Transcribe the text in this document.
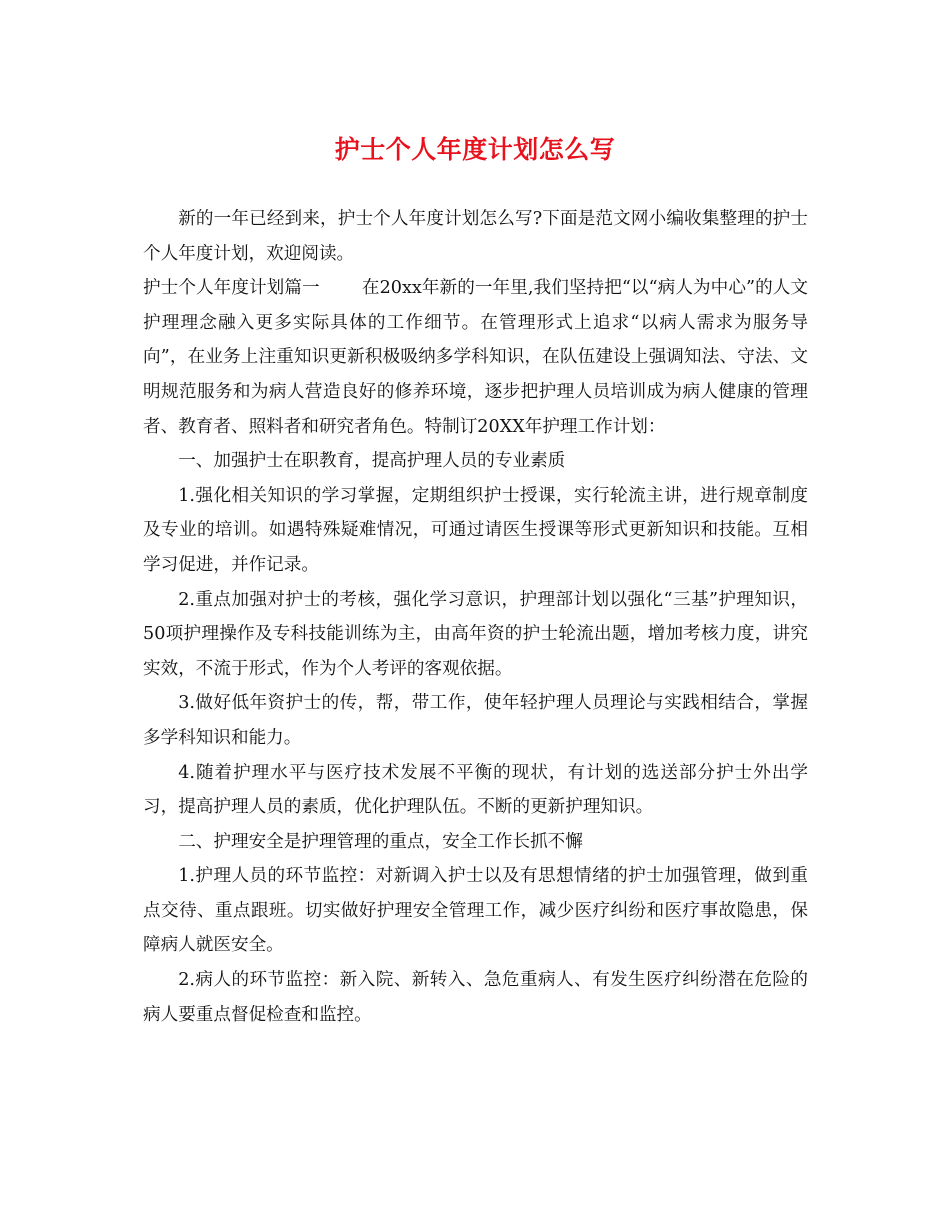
护士个人年度计划怎么写

新的一年已经到来，护士个人年度计划怎么写?下面是范文网小编收集整理的护士个人年度计划，欢迎阅读。

护士个人年度计划篇一 在20xx年新的一年里,我们坚持把“以“病人为中心”的人文护理理念融入更多实际具体的工作细节。在管理形式上追求“以病人需求为服务导向”，在业务上注重知识更新积极吸纳多学科知识，在队伍建设上强调知法、守法、文明规范服务和为病人营造良好的修养环境，逐步把护理人员培训成为病人健康的管理者、教育者、照料者和研究者角色。特制订20XX年护理工作计划：

一、加强护士在职教育，提高护理人员的专业素质

1.强化相关知识的学习掌握，定期组织护士授课，实行轮流主讲，进行规章制度及专业的培训。如遇特殊疑难情况，可通过请医生授课等形式更新知识和技能。互相学习促进，并作记录。

2.重点加强对护士的考核，强化学习意识，护理部计划以强化“三基”护理知识，50项护理操作及专科技能训练为主，由高年资的护士轮流出题，增加考核力度，讲究实效，不流于形式，作为个人考评的客观依据。

3.做好低年资护士的传，帮，带工作，使年轻护理人员理论与实践相结合，掌握多学科知识和能力。

4.随着护理水平与医疗技术发展不平衡的现状，有计划的选送部分护士外出学习，提高护理人员的素质，优化护理队伍。不断的更新护理知识。

二、护理安全是护理管理的重点，安全工作长抓不懈

1.护理人员的环节监控：对新调入护士以及有思想情绪的护士加强管理，做到重点交待、重点跟班。切实做好护理安全管理工作，减少医疗纠纷和医疗事故隐患，保障病人就医安全。

2.病人的环节监控：新入院、新转入、急危重病人、有发生医疗纠纷潜在危险的病人要重点督促检查和监控。
